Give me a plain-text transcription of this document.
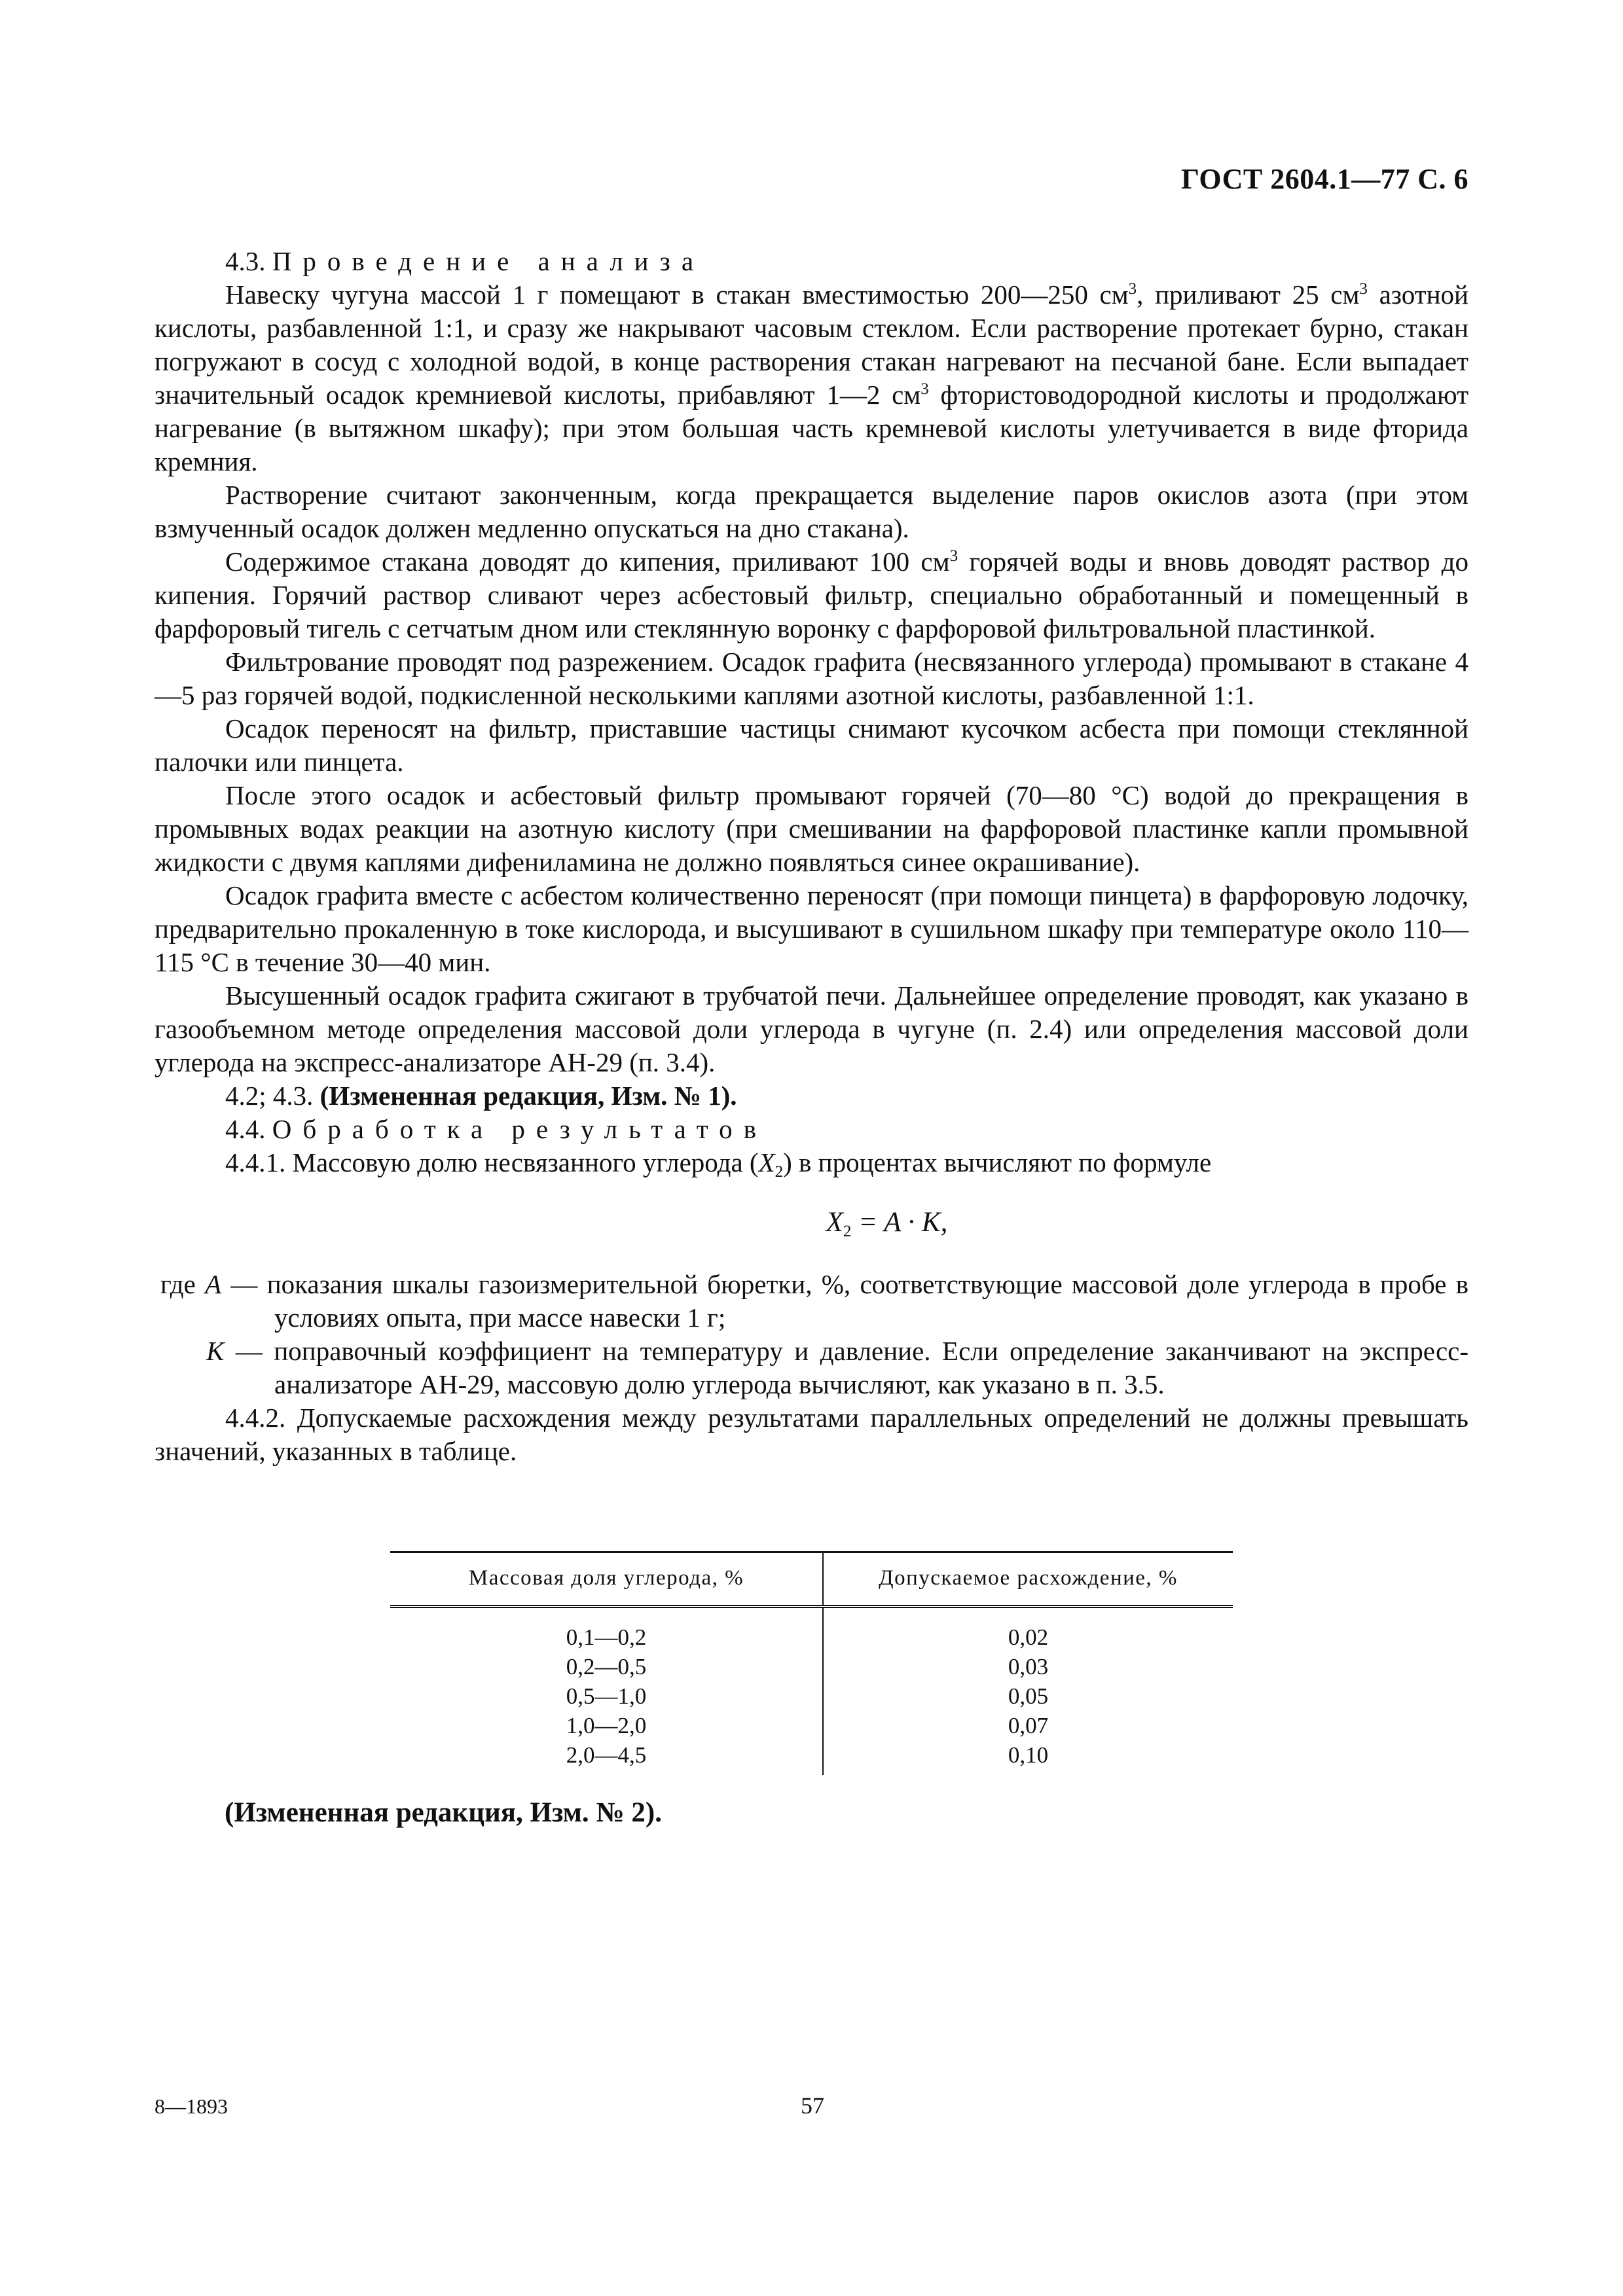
ГОСТ 2604.1—77 С. 6

4.3. Проведение анализа

Навеску чугуна массой 1 г помещают в стакан вместимостью 200—250 $см^3$, приливают 25 $см^3$ азотной кислоты, разбавленной 1:1, и сразу же накрывают часовым стеклом. Если растворение протекает бурно, стакан погружают в сосуд с холодной водой, в конце растворения стакан нагревают на песчаной бане. Если выпадает значительный осадок кремниевой кислоты, прибавляют 1—2 $см^3$ фтористоводородной кислоты и продолжают нагревание (в вытяжном шкафу); при этом большая часть кремневой кислоты улетучивается в виде фторида кремния.

Растворение считают законченным, когда прекращается выделение паров окислов азота (при этом взмученный осадок должен медленно опускаться на дно стакана).

Содержимое стакана доводят до кипения, приливают 100 $см^3$ горячей воды и вновь доводят раствор до кипения. Горячий раствор сливают через асбестовый фильтр, специально обработанный и помещенный в фарфоровый тигель с сетчатым дном или стеклянную воронку с фарфоровой фильтровальной пластинкой.

Фильтрование проводят под разрежением. Осадок графита (несвязанного углерода) промывают в стакане 4—5 раз горячей водой, подкисленной несколькими каплями азотной кислоты, разбавленной 1:1.

Осадок переносят на фильтр, приставшие частицы снимают кусочком асбеста при помощи стеклянной палочки или пинцета.

После этого осадок и асбестовый фильтр промывают горячей (70—80 °С) водой до прекращения в промывных водах реакции на азотную кислоту (при смешивании на фарфоровой пластинке капли промывной жидкости с двумя каплями дифениламина не должно появляться синее окрашивание).

Осадок графита вместе с асбестом количественно переносят (при помощи пинцета) в фарфоровую лодочку, предварительно прокаленную в токе кислорода, и высушивают в сушильном шкафу при температуре около 110—115 °С в течение 30—40 мин.

Высушенный осадок графита сжигают в трубчатой печи. Дальнейшее определение проводят, как указано в газообъемном методе определения массовой доли углерода в чугуне (п. 2.4) или определения массовой доли углерода на экспресс-анализаторе АН-29 (п. 3.4).

4.2; 4.3. (Измененная редакция, Изм. № 1).

4.4. Обработка результатов

4.4.1. Массовую долю несвязанного углерода $(X_2)$ в процентах вычисляют по формуле

$X_2 = A \cdot K$,
где A — показания шкалы газоизмерительной бюретки, %, соответствующие массовой доле углерода в пробе в условиях опыта, при массе навески 1 г;
K — поправочный коэффициент на температуру и давление. Если определение заканчивают на экспресс-анализаторе АН-29, массовую долю углерода вычисляют, как указано в п. 3.5.

4.4.2. Допускаемые расхождения между результатами параллельных определений не должны превышать значений, указанных в таблице.

Массовая доля углерода, %	Допускаемое расхождение, %
0,1—0,2	0,02
0,2—0,5	0,03
0,5—1,0	0,05
1,0—2,0	0,07
2,0—4,5	0,10
(Измененная редакция, Изм. № 2).
8—1893	57
